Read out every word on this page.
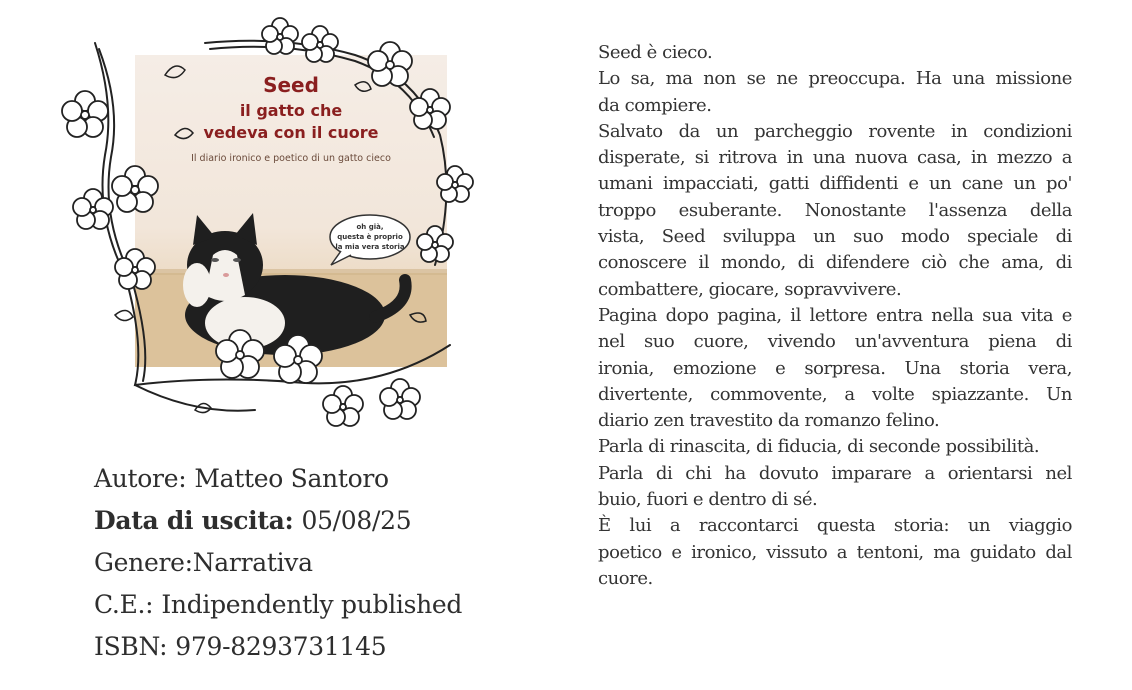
Seed
il gatto che
vedeva con il cuore
Il diario ironico e poetico di un gatto cieco
oh già,
questa è proprio
la mia vera storia
Autore: Matteo Santoro
Data di uscita: 05/08/25
Genere:Narrativa
C.E.: Indipendently published
ISBN: 979-8293731145
Seed è cieco.
Lo sa, ma non se ne preoccupa. Ha una missione
da compiere.
Salvato da un parcheggio rovente in condizioni
disperate, si ritrova in una nuova casa, in mezzo a
umani impacciati, gatti diffidenti e un cane un po'
troppo esuberante. Nonostante l'assenza della
vista, Seed sviluppa un suo modo speciale di
conoscere il mondo, di difendere ciò che ama, di
combattere, giocare, sopravvivere.
Pagina dopo pagina, il lettore entra nella sua vita e
nel suo cuore, vivendo un'avventura piena di
ironia, emozione e sorpresa. Una storia vera,
divertente, commovente, a volte spiazzante. Un
diario zen travestito da romanzo felino.
Parla di rinascita, di fiducia, di seconde possibilità.
Parla di chi ha dovuto imparare a orientarsi nel
buio, fuori e dentro di sé.
È lui a raccontarci questa storia: un viaggio
poetico e ironico, vissuto a tentoni, ma guidato dal
cuore.
